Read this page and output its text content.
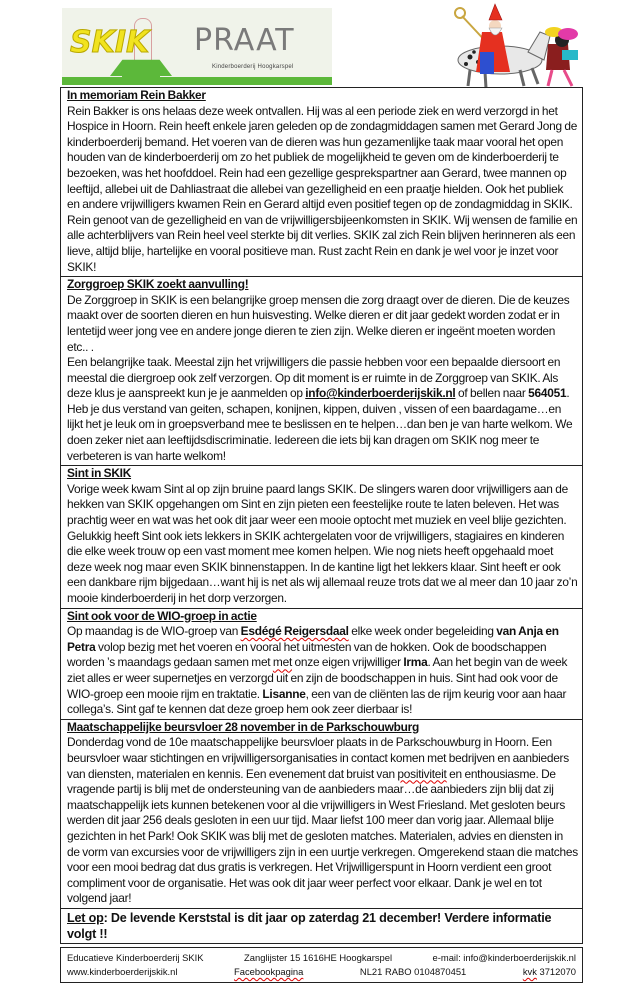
SKIK PRAAT
Kinderboerderij Hoogkarspel
In memoriam Rein Bakker
Rein Bakker is ons helaas deze week ontvallen. Hij was al een periode ziek en werd verzorgd in het Hospice in Hoorn. Rein heeft enkele jaren geleden op de zondagmiddagen samen met Gerard Jong de kinderboerderij bemand. Het voeren van de dieren was hun gezamenlijke taak maar vooral het open houden van de kinderboerderij om zo het publiek de mogelijkheid te geven om de kinderboerderij te bezoeken, was het hoofddoel. Rein had een gezellige gesprekspartner aan Gerard, twee mannen op leeftijd, allebei uit de Dahliastraat die allebei van gezelligheid en een praatje hielden. Ook het publiek en andere vrijwilligers kwamen Rein en Gerard altijd even positief tegen op de zondagmiddag in SKIK. Rein genoot van de gezelligheid en van de vrijwilligersbijeenkomsten in SKIK. Wij wensen de familie en alle achterblijvers van Rein heel veel sterkte bij dit verlies. SKIK zal zich Rein blijven herinneren als een lieve, altijd blije, hartelijke en vooral positieve man. Rust zacht Rein en dank je wel voor je inzet voor SKIK!
Zorggroep SKIK zoekt aanvulling!
De Zorggroep in SKIK is een belangrijke groep mensen die zorg draagt over de dieren. Die de keuzes maakt over de soorten dieren en hun huisvesting. Welke dieren er dit jaar gedekt worden zodat er in lentetijd weer jong vee en andere jonge dieren te zien zijn. Welke dieren er ingeënt moeten worden etc.. .
Een belangrijke taak. Meestal zijn het vrijwilligers die passie hebben voor een bepaalde diersoort en meestal die diergroep ook zelf verzorgen. Op dit moment is er ruimte in de Zorggroep van SKIK. Als deze klus je aanspreekt kun je je aanmelden op info@kinderboerderijskik.nl of bellen naar 564051. Heb je dus verstand van geiten, schapen, konijnen, kippen, duiven , vissen of een baardagame…en lijkt het je leuk om in groepsverband mee te beslissen en te helpen…dan ben je van harte welkom. We doen zeker niet aan leeftijdsdiscriminatie. Iedereen die iets bij kan dragen om SKIK nog meer te verbeteren is van harte welkom!
Sint in SKIK
Vorige week kwam Sint al op zijn bruine paard langs SKIK. De slingers waren door vrijwilligers aan de hekken van SKIK opgehangen om Sint en zijn pieten een feestelijke route te laten beleven. Het was prachtig weer en wat was het ook dit jaar weer een mooie optocht met muziek en veel blije gezichten. Gelukkig heeft Sint ook iets lekkers in SKIK achtergelaten voor de vrijwilligers, stagiaires en kinderen die elke week trouw op een vast moment mee komen helpen. Wie nog niets heeft opgehaald moet deze week nog maar even SKIK binnenstappen. In de kantine ligt het lekkers klaar. Sint heeft er ook een dankbare rijm bijgedaan…want hij is net als wij allemaal reuze trots dat we al meer dan 10 jaar zo’n mooie kinderboerderij in het dorp verzorgen.
Sint ook voor de WIO-groep in actie
Op maandag is de WIO-groep van Esdégé Reigersdaal elke week onder begeleiding van Anja en Petra volop bezig met het voeren en vooral het uitmesten van de hokken. Ook de boodschappen worden ’s maandags gedaan samen met met onze eigen vrijwilliger Irma. Aan het begin van de week ziet alles er weer supernetjes en verzorgd uit en zijn de boodschappen in huis. Sint had ook voor de WIO-groep een mooie rijm en traktatie. Lisanne, een van de cliënten las de rijm keurig voor aan haar collega’s. Sint gaf te kennen dat deze groep hem ook zeer dierbaar is!
Maatschappelijke beursvloer 28 november in de Parkschouwburg
Donderdag vond de 10e maatschappelijke beursvloer plaats in de Parkschouwburg in Hoorn. Een beursvloer waar stichtingen en vrijwilligersorganisaties in contact komen met bedrijven en aanbieders van diensten, materialen en kennis. Een evenement dat bruist van positiviteit en enthousiasme. De vragende partij is blij met de ondersteuning van de aanbieders maar…de aanbieders zijn blij dat zij maatschappelijk iets kunnen betekenen voor al die vrijwilligers in West Friesland. Met gesloten beurs werden dit jaar 256 deals gesloten in een uur tijd. Maar liefst 100 meer dan vorig jaar. Allemaal blije gezichten in het Park! Ook SKIK was blij met de gesloten matches. Materialen, advies en diensten in de vorm van excursies voor de vrijwilligers zijn in een uurtje verkregen. Omgerekend staan die matches voor een mooi bedrag dat dus gratis is verkregen. Het Vrijwilligerspunt in Hoorn verdient een groot compliment voor de organisatie. Het was ook dit jaar weer perfect voor elkaar. Dank je wel en tot volgend jaar!
Let op: De levende Kerststal is dit jaar op zaterdag 21 december! Verdere informatie volgt !!
Educatieve Kinderboerderij SKIK	Zanglijster 15 1616HE Hoogkarspel	e-mail: info@kinderboerderijskik.nl
www.kinderboerderijskik.nl	Facebookpagina	NL21 RABO 0104870451	kvk 3712070
